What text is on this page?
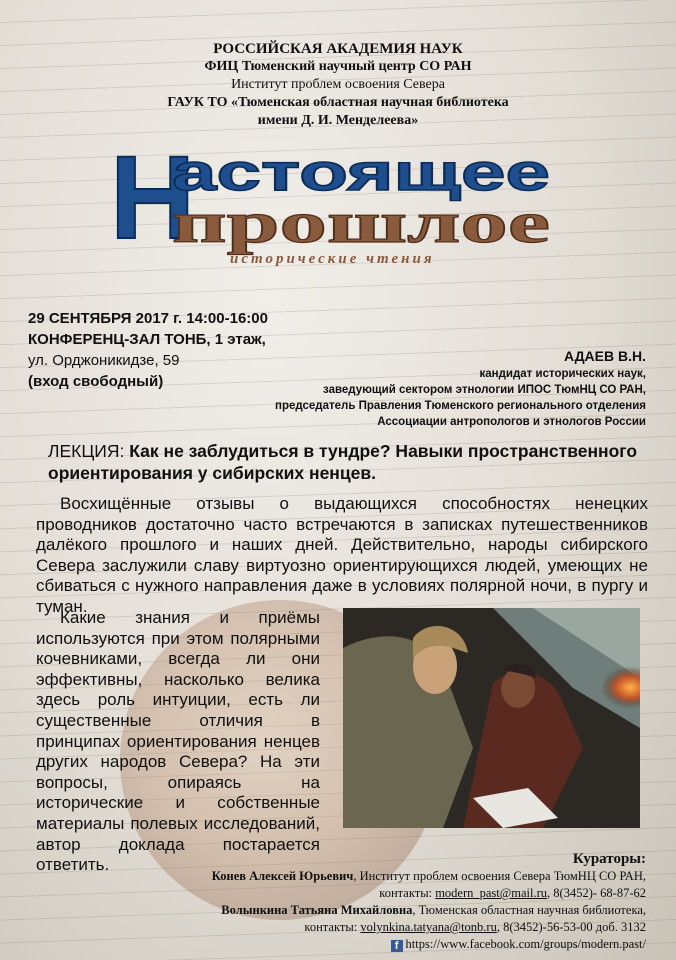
РОССИЙСКАЯ АКАДЕМИЯ НАУК
ФИЦ Тюменский научный центр СО РАН
Институт проблем освоения Севера
ГАУК ТО «Тюменская областная научная библиотека
имени Д. И. Менделеева»
Н
астоящее
прошлое
исторические чтения
29 СЕНТЯБРЯ 2017 г. 14:00-16:00
КОНФЕРЕНЦ-ЗАЛ ТОНБ, 1 этаж,
ул. Орджоникидзе, 59
(вход свободный)
АДАЕВ В.Н.
кандидат исторических наук,
заведующий сектором этнологии ИПОС ТюмНЦ СО РАН,
председатель Правления Тюменского регионального отделения
Ассоциации антропологов и этнологов России
ЛЕКЦИЯ: Как не заблудиться в тундре? Навыки пространственного ориентирования у сибирских ненцев.
Восхищённые отзывы о выдающихся способностях ненецких проводников достаточно часто встречаются в записках путешественников далёкого прошлого и наших дней. Действительно, народы сибирского Севера заслужили славу виртуозно ориентирующихся людей, умеющих не сбиваться с нужного направления даже в условиях полярной ночи, в пургу и туман.
Какие знания и приёмы используются при этом полярными кочевниками, всегда ли они эффективны, насколько велика здесь роль интуиции, есть ли существенные отличия в принципах ориентирования ненцев другиx народов Севера? На эти вопросы, опираясь на исторические и собственные материалы полевых исследований, автор доклада постарается ответить.	Кураторы:
Конев Алексей Юрьевич, Институт проблем освоения Севера ТюмНЦ СО РАН,
контакты: modern_past@mail.ru, 8(3452)- 68-87-62
Волынкина Татьяна Михайловна, Тюменская областная научная библиотека,
контакты: volynkina.tatyana@tonb.ru, 8(3452)-56-53-00 доб. 3132
f https://www.facebook.com/groups/modern.past/
